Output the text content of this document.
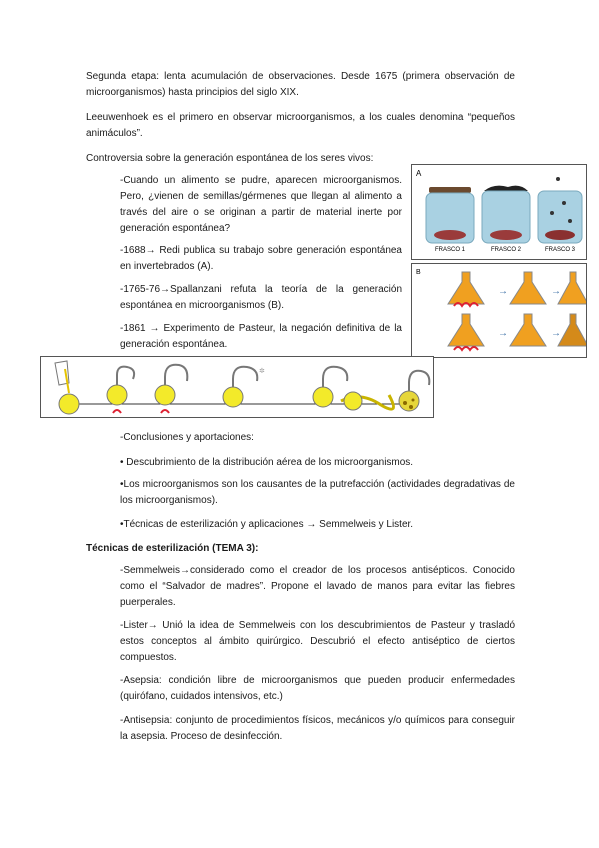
Segunda etapa: lenta acumulación de observaciones. Desde 1675 (primera observación de microorganismos) hasta principios del siglo XIX.

Leeuwenhoek es el primero en observar microorganismos, a los cuales denomina “pequeños animáculos”.

Controversia sobre la generación espontánea de los seres vivos:

-Cuando un alimento se pudre, aparecen microorganismos. Pero, ¿vienen de semillas/gérmenes que llegan al alimento a través del aire o se originan a partir de material inerte por generación espontánea?

-1688→ Redi publica su trabajo sobre generación espontánea en invertebrados (A).

-1765-76→Spallanzani refuta la teoría de la generación espontánea en microorganismos (B).

-1861 → Experimento de Pasteur, la negación definitiva de la generación espontánea.

A
FRASCO 1	FRASCO 2	FRASCO 3
B
→	→
→	→
✲

-Conclusiones y aportaciones:

• Descubrimiento de la distribución aérea de los microorganismos.

•Los microorganismos son los causantes de la putrefacción (actividades degradativas de los microorganismos).

•Técnicas de esterilización y aplicaciones → Semmelweis y Lister.

Técnicas de esterilización (TEMA 3):

-Semmelweis→considerado como el creador de los procesos antisépticos. Conocido como el “Salvador de madres”. Propone el lavado de manos para evitar las fiebres puerperales.

-Lister→ Unió la idea de Semmelweis con los descubrimientos de Pasteur y trasladó estos conceptos al ámbito quirúrgico. Descubrió el efecto antiséptico de ciertos compuestos.

-Asepsia: condición libre de microorganismos que pueden producir enfermedades (quirófano, cuidados intensivos, etc.)

-Antisepsia: conjunto de procedimientos físicos, mecánicos y/o químicos para conseguir la asepsia. Proceso de desinfección.
